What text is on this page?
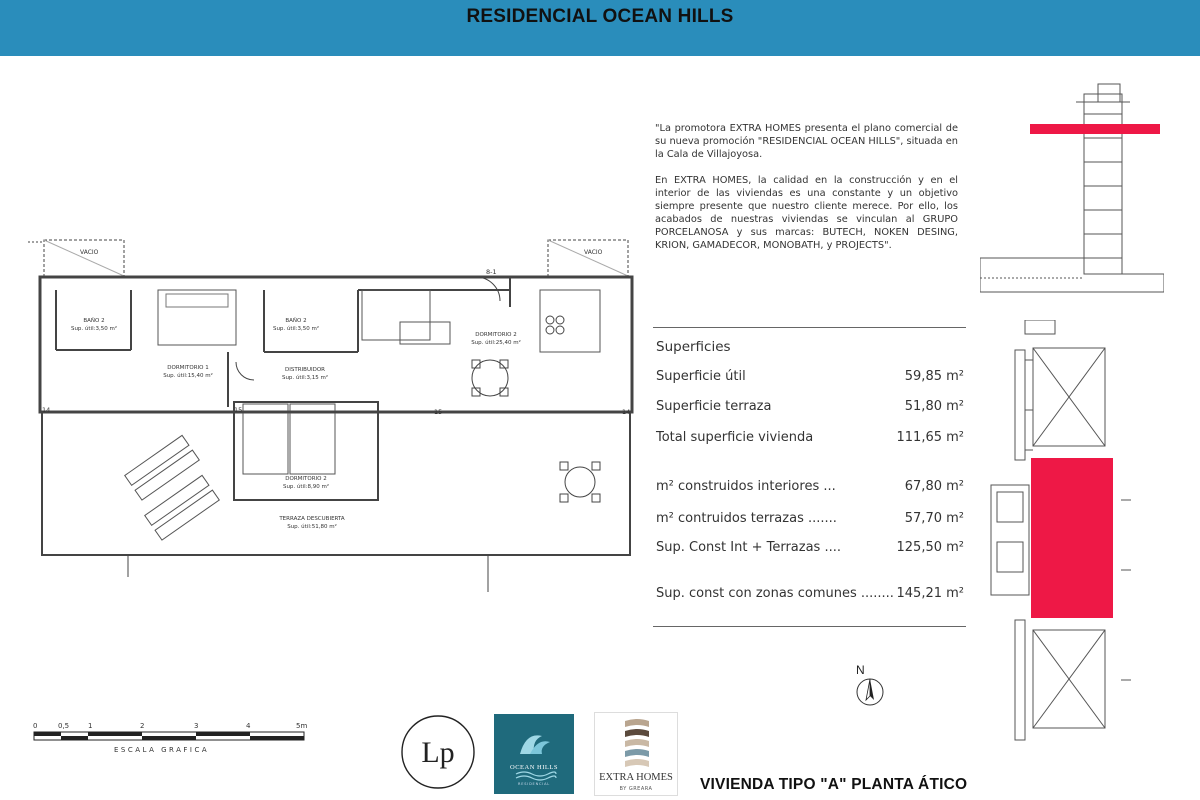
RESIDENCIAL OCEAN HILLS
VACIO	VACIO
8-1
BAÑO 2
Sup. útil:3,50 m²
DORMITORIO 1
Sup. útil:15,40 m²
BAÑO 2
Sup. útil:3,50 m²
DISTRIBUIDOR
Sup. útil:3,15 m²
DORMITORIO 2
Sup. útil:25,40 m²
DORMITORIO 2
Sup. útil:8,90 m²
TERRAZA DESCUBIERTA
Sup. útil:51,80 m²
15	15
14	14

"La promotora EXTRA HOMES presenta el plano comercial de su nueva promoción "RESIDENCIAL OCEAN HILLS", situada en la Cala de Villajoyosa.

En EXTRA HOMES, la calidad en la construcción y en el interior de las viviendas es una constante y un objetivo siempre presente que nuestro cliente merece. Por ello, los acabados de nuestras viviendas se vinculan al GRUPO PORCELANOSA y sus marcas: BUTECH, NOKEN DESING, KRION, GAMADECOR, MONOBATH, y PROJECTS".

Superficies
Superficie útil	59,85 m²
Superficie terraza	51,80 m²
Total superficie vivienda	111,65 m²
m² construidos interiores ...	67,80 m²
m² contruidos terrazas .......	57,70 m²
Sup. Const Int + Terrazas ....	125,50 m²
Sup. const con zonas comunes ........ 145,21 m²
N
0	0,5	1	2	3	4	5m
ESCALA GRAFICA	Lp	OCEAN HILLS
RESIDENCIAL
EXTRA HOMES
BY GREARA	VIVIENDA TIPO "A" PLANTA ÁTICO
